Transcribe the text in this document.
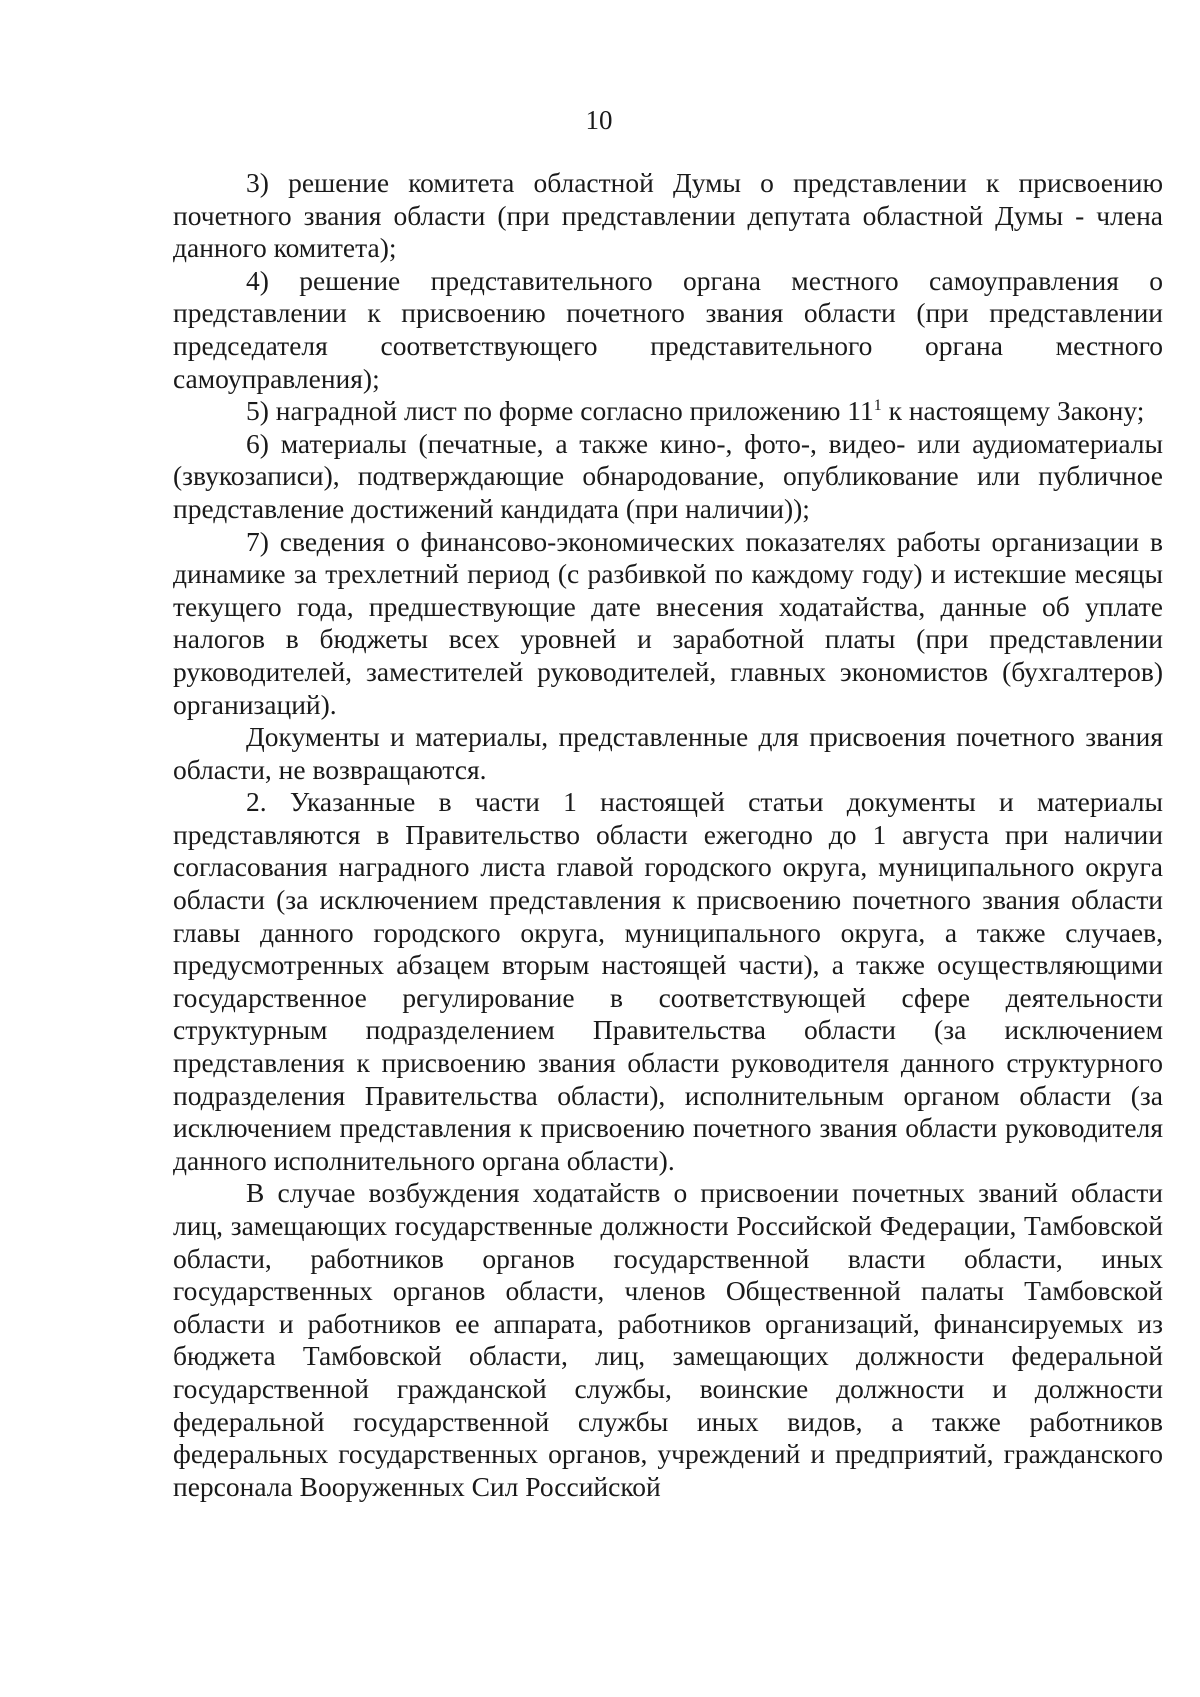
10

3) решение комитета областной Думы о представлении к присвоению почетного звания области (при представлении депутата областной Думы - члена данного комитета);

4) решение представительного органа местного самоуправления о представлении к присвоению почетного звания области (при представлении председателя соответствующего представительного органа местного самоуправления);

5) наградной лист по форме согласно приложению $11^1$ к настоящему Закону;

6) материалы (печатные, а также кино-, фото-, видео- или аудиоматериалы (звукозаписи), подтверждающие обнародование, опубликование или публичное представление достижений кандидата (при наличии));

7) сведения о финансово-экономических показателях работы организации в динамике за трехлетний период (с разбивкой по каждому году) и истекшие месяцы текущего года, предшествующие дате внесения ходатайства, данные об уплате налогов в бюджеты всех уровней и заработной платы (при представлении руководителей, заместителей руководителей, главных экономистов (бухгалтеров) организаций).

Документы и материалы, представленные для присвоения почетного звания области, не возвращаются.

2. Указанные в части 1 настоящей статьи документы и материалы представляются в Правительство области ежегодно до 1 августа при наличии согласования наградного листа главой городского округа, муниципального округа области (за исключением представления к присвоению почетного звания области главы данного городского округа, муниципального округа, а также случаев, предусмотренных абзацем вторым настоящей части), а также осуществляющими государственное регулирование в соответствующей сфере деятельности структурным подразделением Правительства области (за исключением представления к присвоению звания области руководителя данного структурного подразделения Правительства области), исполнительным органом области (за исключением представления к присвоению почетного звания области руководителя данного исполнительного органа области).

В случае возбуждения ходатайств о присвоении почетных званий области лиц, замещающих государственные должности Российской Федерации, Тамбовской области, работников органов государственной власти области, иных государственных органов области, членов Общественной палаты Тамбовской области и работников ее аппарата, работников организаций, финансируемых из бюджета Тамбовской области, лиц, замещающих должности федеральной государственной гражданской службы, воинские должности и должности федеральной государственной службы иных видов, а также работников федеральных государственных органов, учреждений и предприятий, гражданского персонала Вооруженных Сил Российской
